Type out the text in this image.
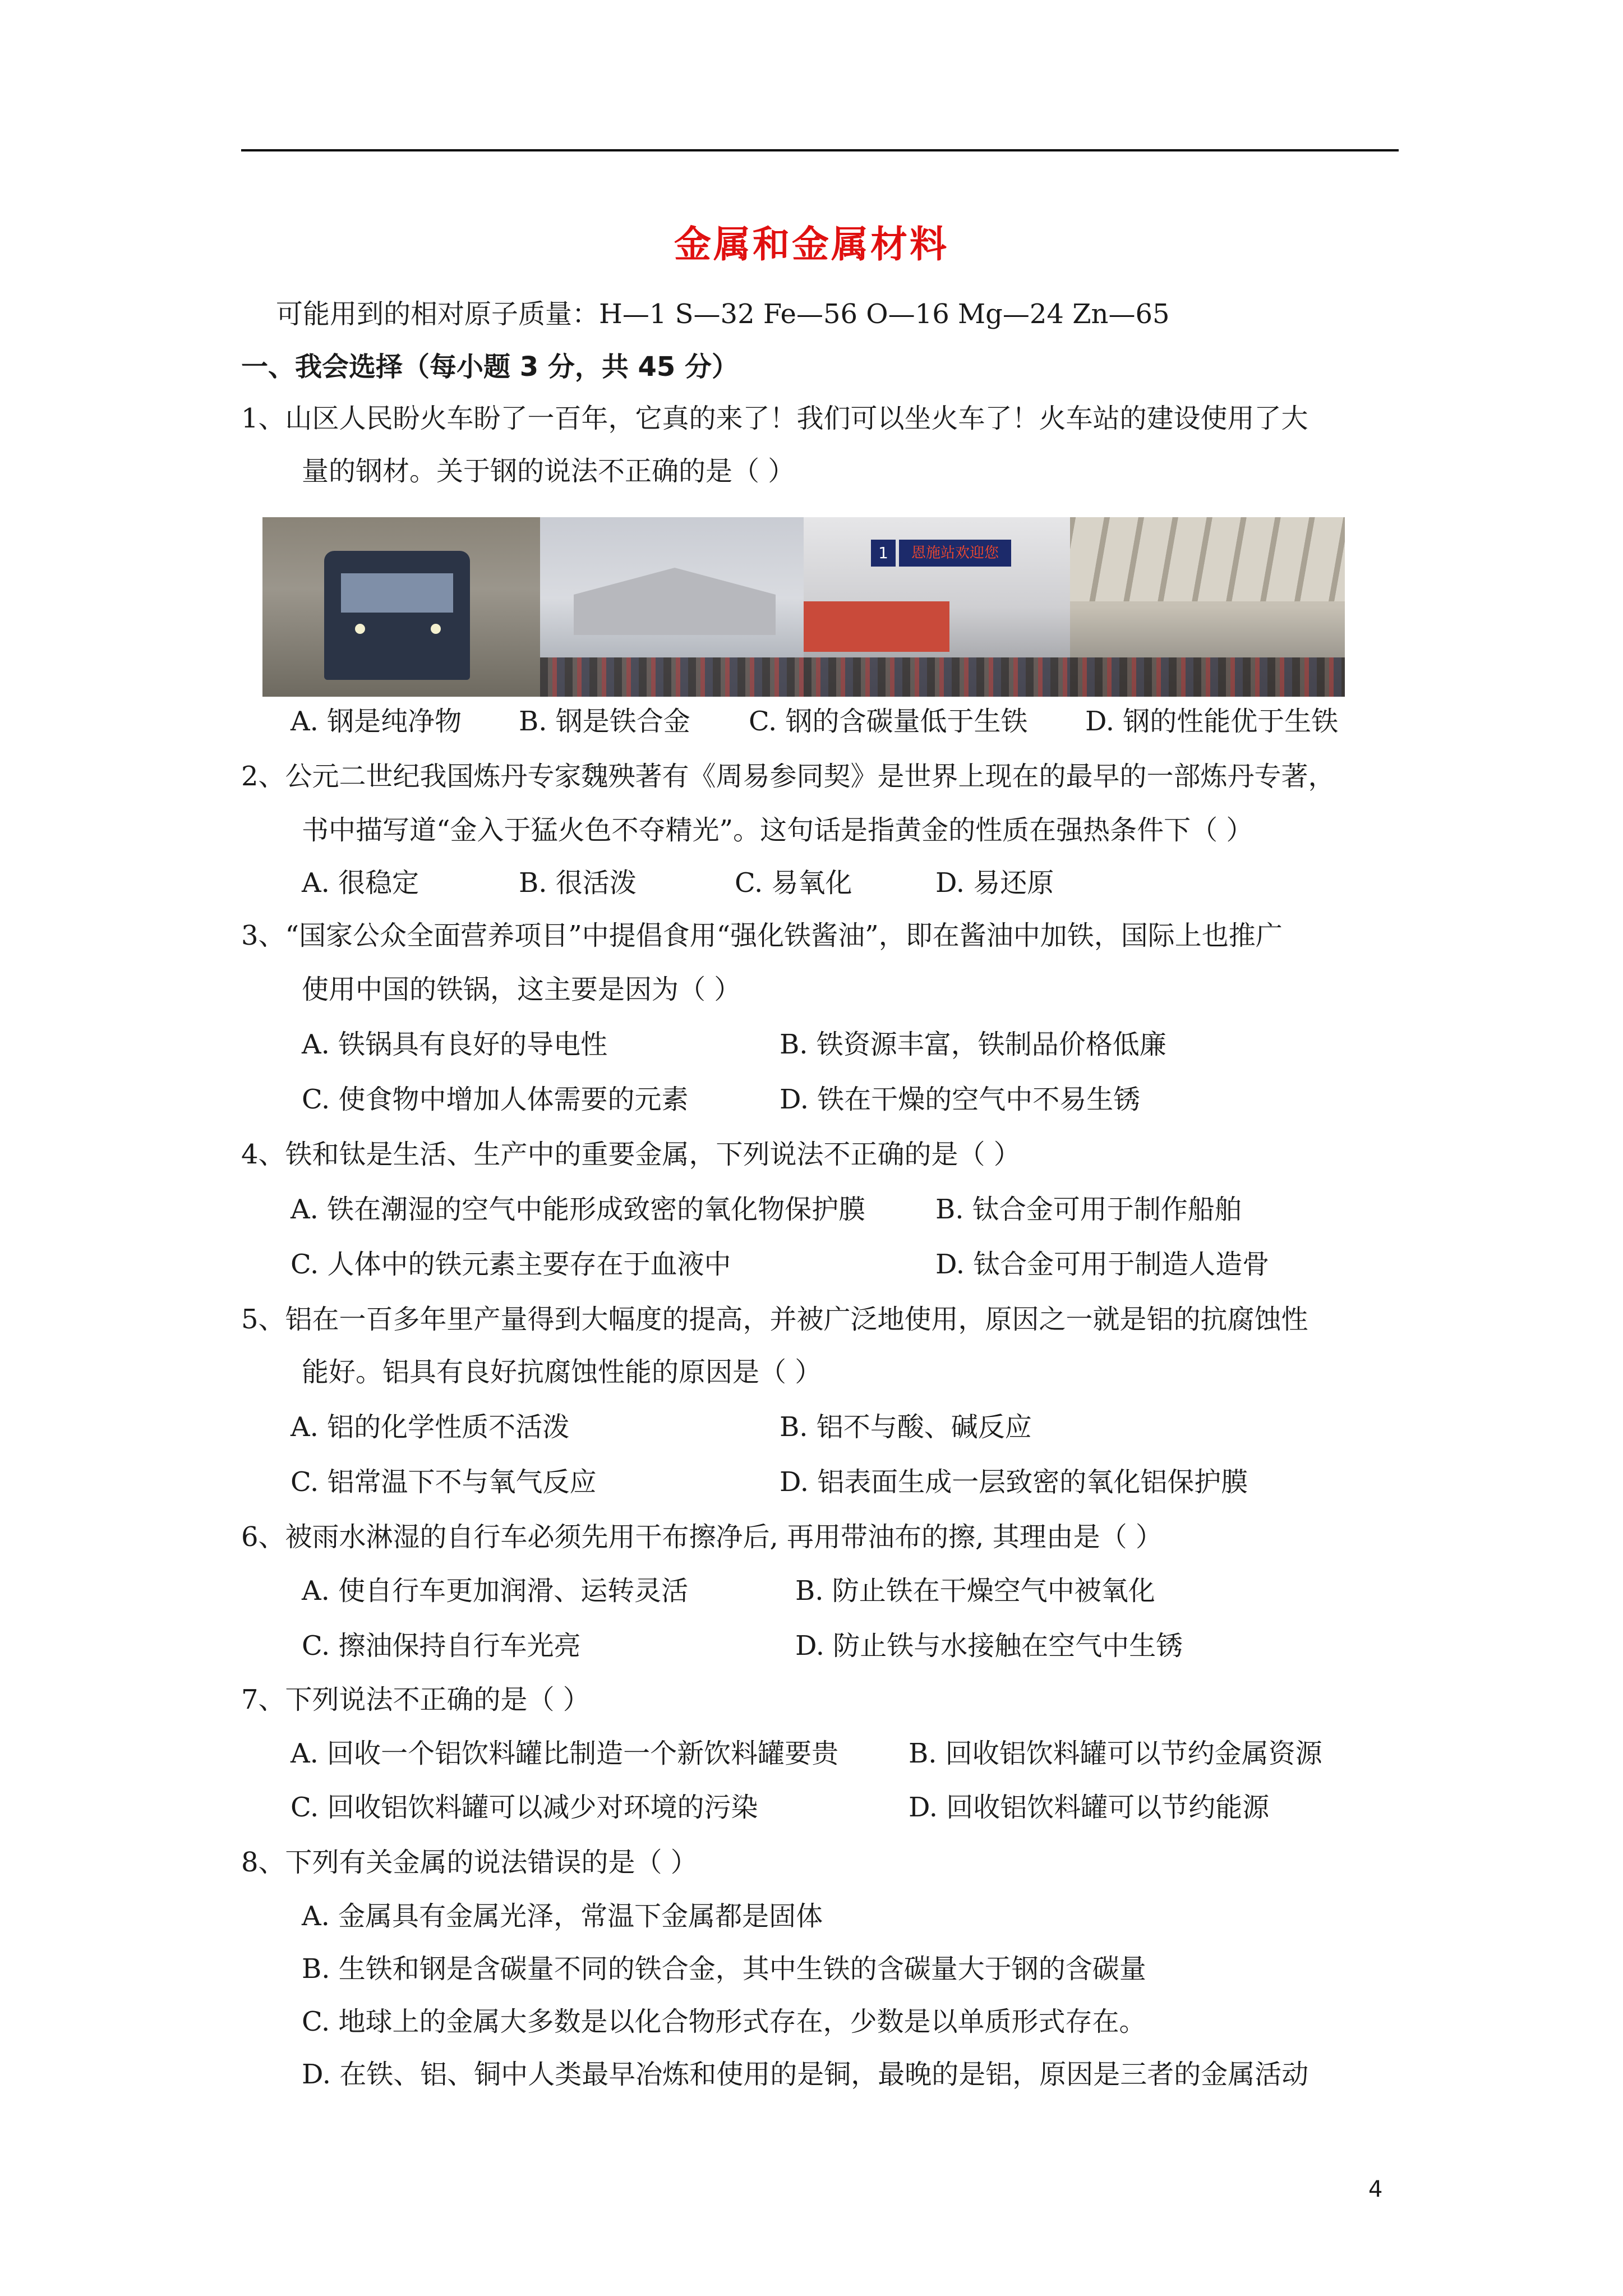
金属和金属材料
可能用到的相对原子质量：H—1 S—32 Fe—56 O—16 Mg—24 Zn—65
一、我会选择（每小题 3 分，共 45 分）
1、山区人民盼火车盼了一百年，它真的来了！我们可以坐火车了！火车站的建设使用了大
量的钢材。关于钢的说法不正确的是（ ）
1	恩施站欢迎您
A. 钢是纯净物 B. 钢是铁合金 C. 钢的含碳量低于生铁 D. 钢的性能优于生铁
2、公元二世纪我国炼丹专家魏殃著有《周易参同契》是世界上现在的最早的一部炼丹专著，
书中描写道“金入于猛火色不夺精光”。这句话是指黄金的性质在强热条件下（ ）
A. 很稳定	B. 很活泼	C. 易氧化	D. 易还原
3、“国家公众全面营养项目”中提倡食用“强化铁酱油”，即在酱油中加铁，国际上也推广
使用中国的铁锅，这主要是因为（ ）
A. 铁锅具有良好的导电性	B. 铁资源丰富，铁制品价格低廉
C. 使食物中增加人体需要的元素	D. 铁在干燥的空气中不易生锈
4、铁和钛是生活、生产中的重要金属，下列说法不正确的是（ ）
A. 铁在潮湿的空气中能形成致密的氧化物保护膜	B. 钛合金可用于制作船舶
C. 人体中的铁元素主要存在于血液中	D. 钛合金可用于制造人造骨
5、铝在一百多年里产量得到大幅度的提高，并被广泛地使用，原因之一就是铝的抗腐蚀性
能好。铝具有良好抗腐蚀性能的原因是（ ）
A. 铝的化学性质不活泼	B. 铝不与酸、碱反应
C. 铝常温下不与氧气反应	D. 铝表面生成一层致密的氧化铝保护膜
6、被雨水淋湿的自行车必须先用干布擦净后, 再用带油布的擦, 其理由是（ ）
A. 使自行车更加润滑、运转灵活	B. 防止铁在干燥空气中被氧化
C. 擦油保持自行车光亮	D. 防止铁与水接触在空气中生锈
7、下列说法不正确的是（ ）
A. 回收一个铝饮料罐比制造一个新饮料罐要贵	B. 回收铝饮料罐可以节约金属资源
C. 回收铝饮料罐可以减少对环境的污染	D. 回收铝饮料罐可以节约能源
8、下列有关金属的说法错误的是（ ）
A. 金属具有金属光泽，常温下金属都是固体
B. 生铁和钢是含碳量不同的铁合金，其中生铁的含碳量大于钢的含碳量
C. 地球上的金属大多数是以化合物形式存在，少数是以单质形式存在。
D. 在铁、铝、铜中人类最早冶炼和使用的是铜，最晚的是铝，原因是三者的金属活动
4
